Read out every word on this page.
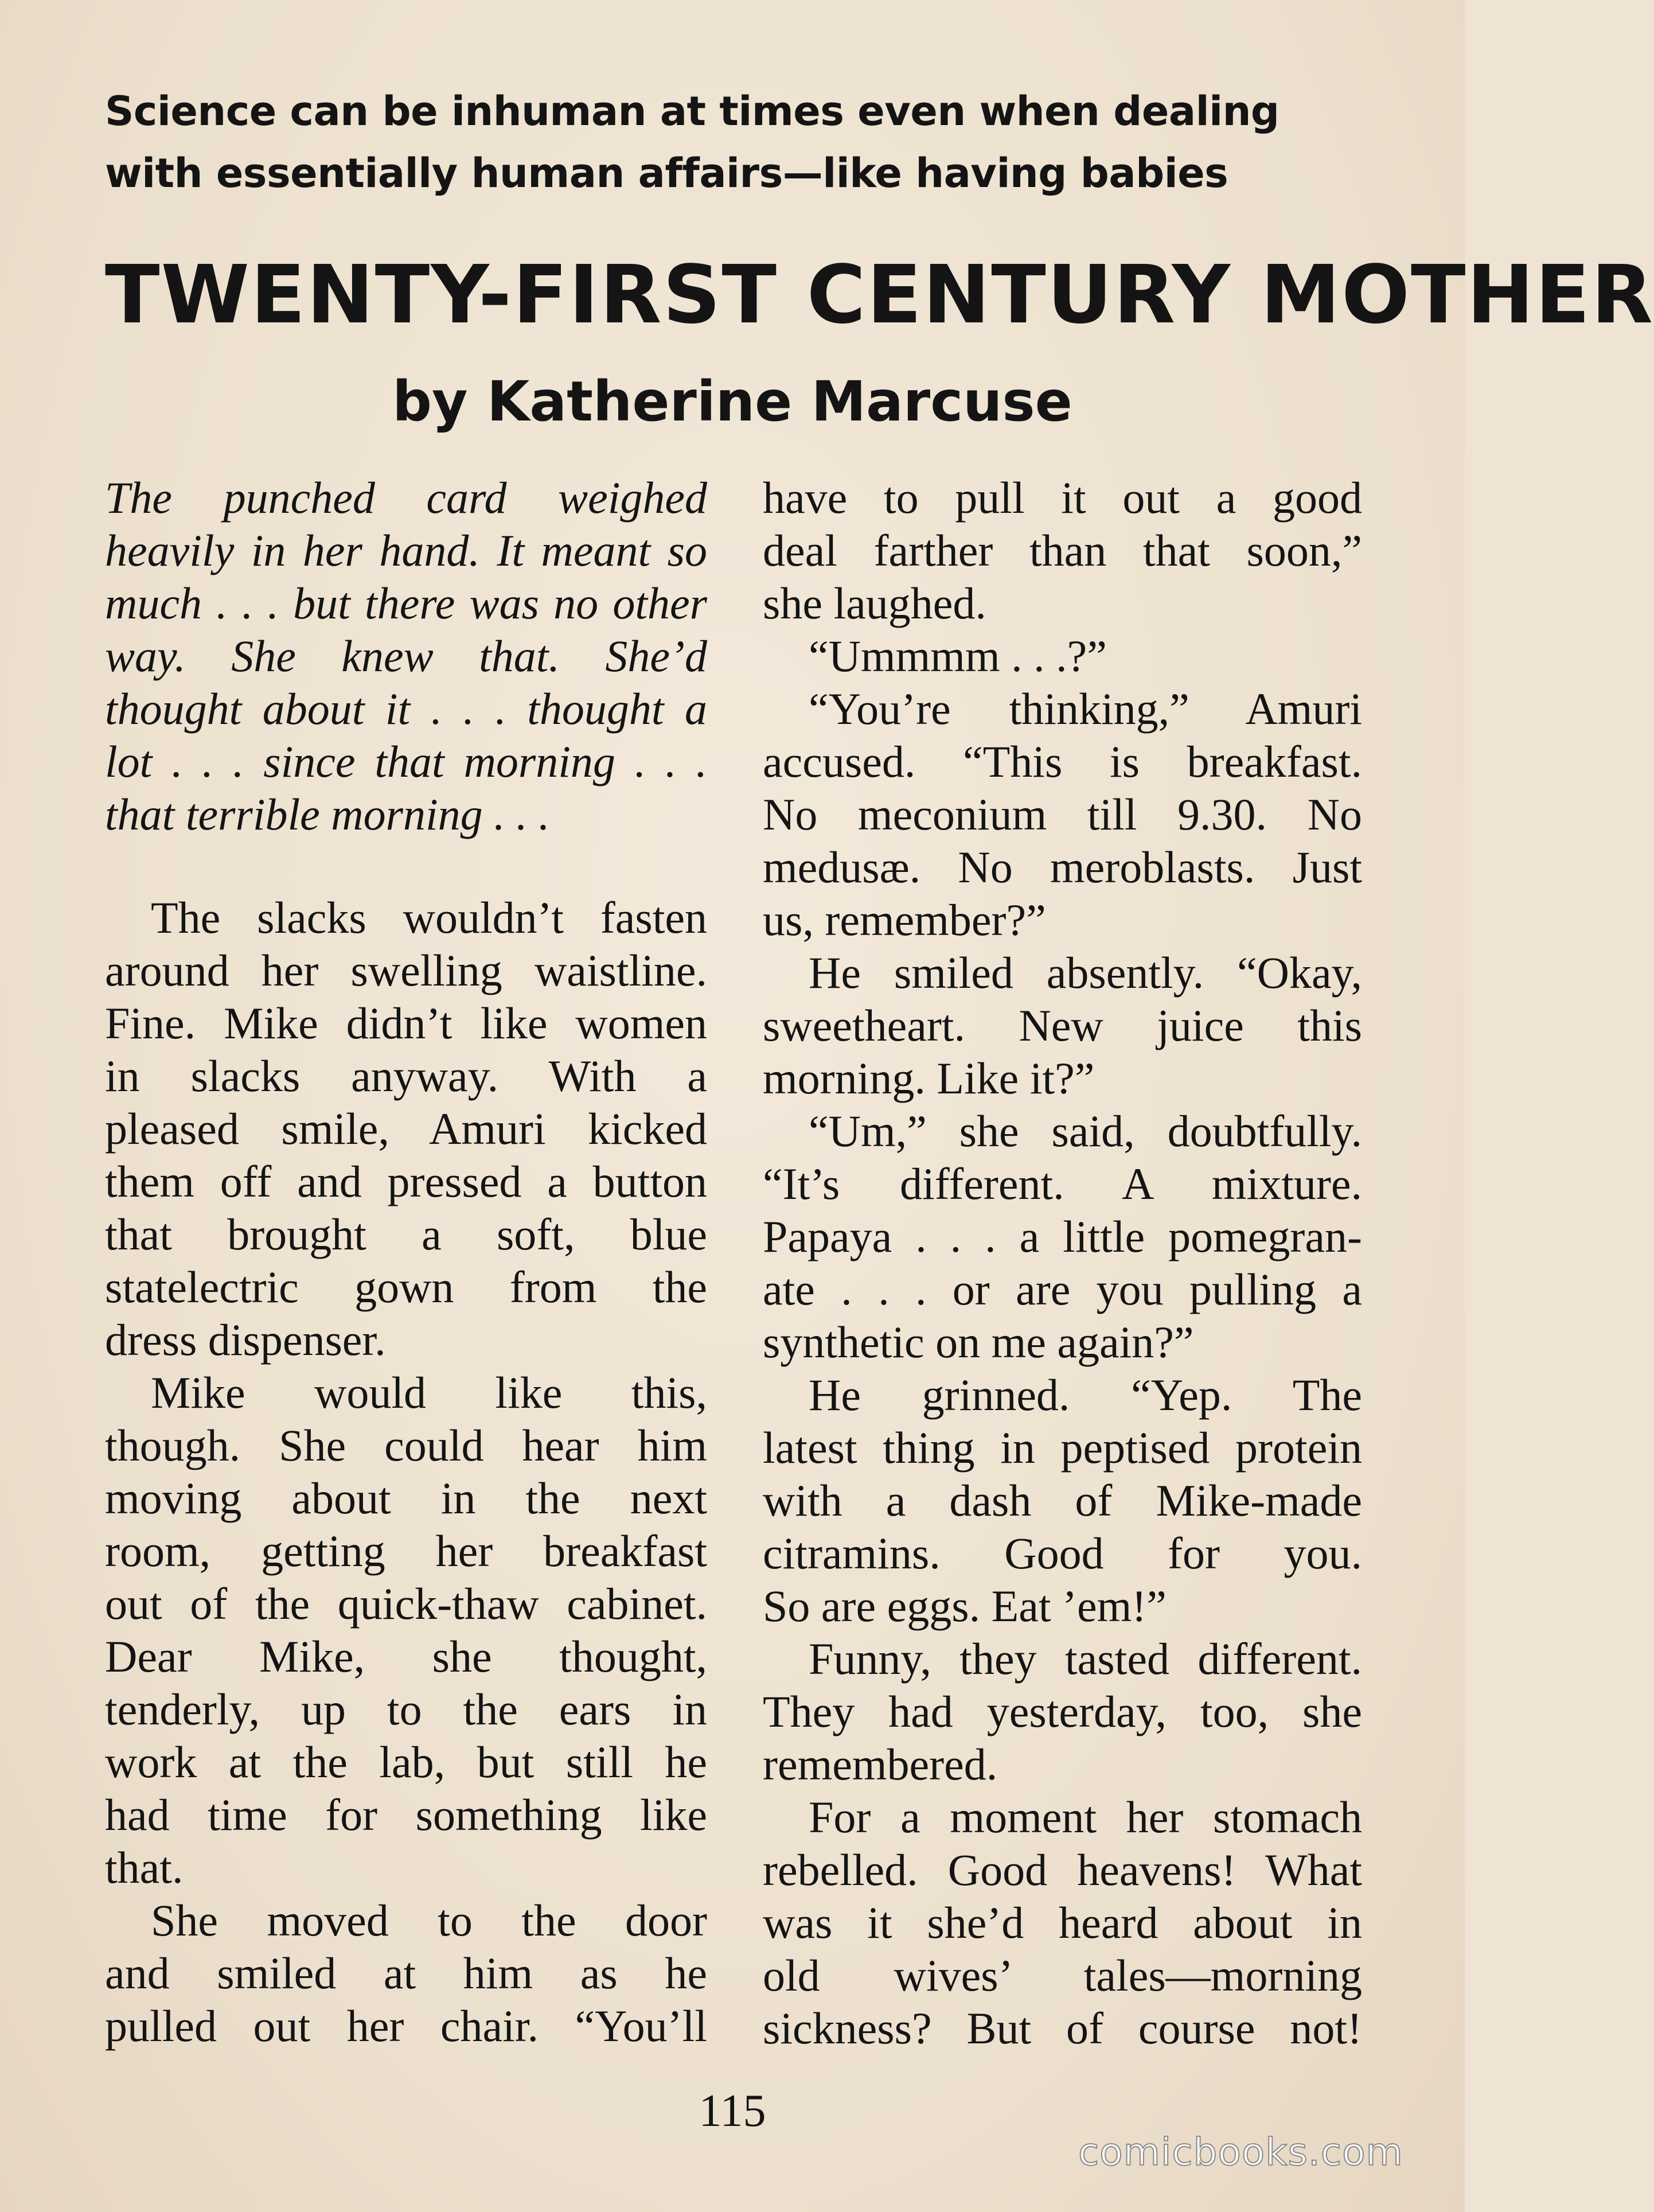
Science can be inhuman at times even when dealing
with essentially human affairs—like having babies
TWENTY-FIRST CENTURY MOTHER
by Katherine Marcuse
The punched card weighed
heavily in her hand. It meant so
much . . . but there was no other
way. She knew that. She’d
thought about it . . . thought a
lot . . . since that morning . . .
that terrible morning . . .
The slacks wouldn’t fasten
around her swelling waistline.
Fine. Mike didn’t like women
in slacks anyway. With a
pleased smile, Amuri kicked
them off and pressed a button
that brought a soft, blue
statelectric gown from the
dress dispenser.
Mike would like this,
though. She could hear him
moving about in the next
room, getting her breakfast
out of the quick-thaw cabinet.
Dear Mike, she thought,
tenderly, up to the ears in
work at the lab, but still he
had time for something like
that.
She moved to the door
and smiled at him as he
pulled out her chair. “You’ll
have to pull it out a good
deal farther than that soon,”
she laughed.
“Ummmm . . .?”
“You’re thinking,” Amuri
accused. “This is breakfast.
No meconium till 9.30. No
medusæ. No meroblasts. Just
us, remember?”
He smiled absently. “Okay,
sweetheart. New juice this
morning. Like it?”
“Um,” she said, doubtfully.
“It’s different. A mixture.
Papaya . . . a little pomegran-
ate . . . or are you pulling a
synthetic on me again?”
He grinned. “Yep. The
latest thing in peptised protein
with a dash of Mike-made
citramins. Good for you.
So are eggs. Eat ’em!”
Funny, they tasted different.
They had yesterday, too, she
remembered.
For a moment her stomach
rebelled. Good heavens! What
was it she’d heard about in
old wives’ tales—morning
sickness? But of course not!
115
comicbooks.com
